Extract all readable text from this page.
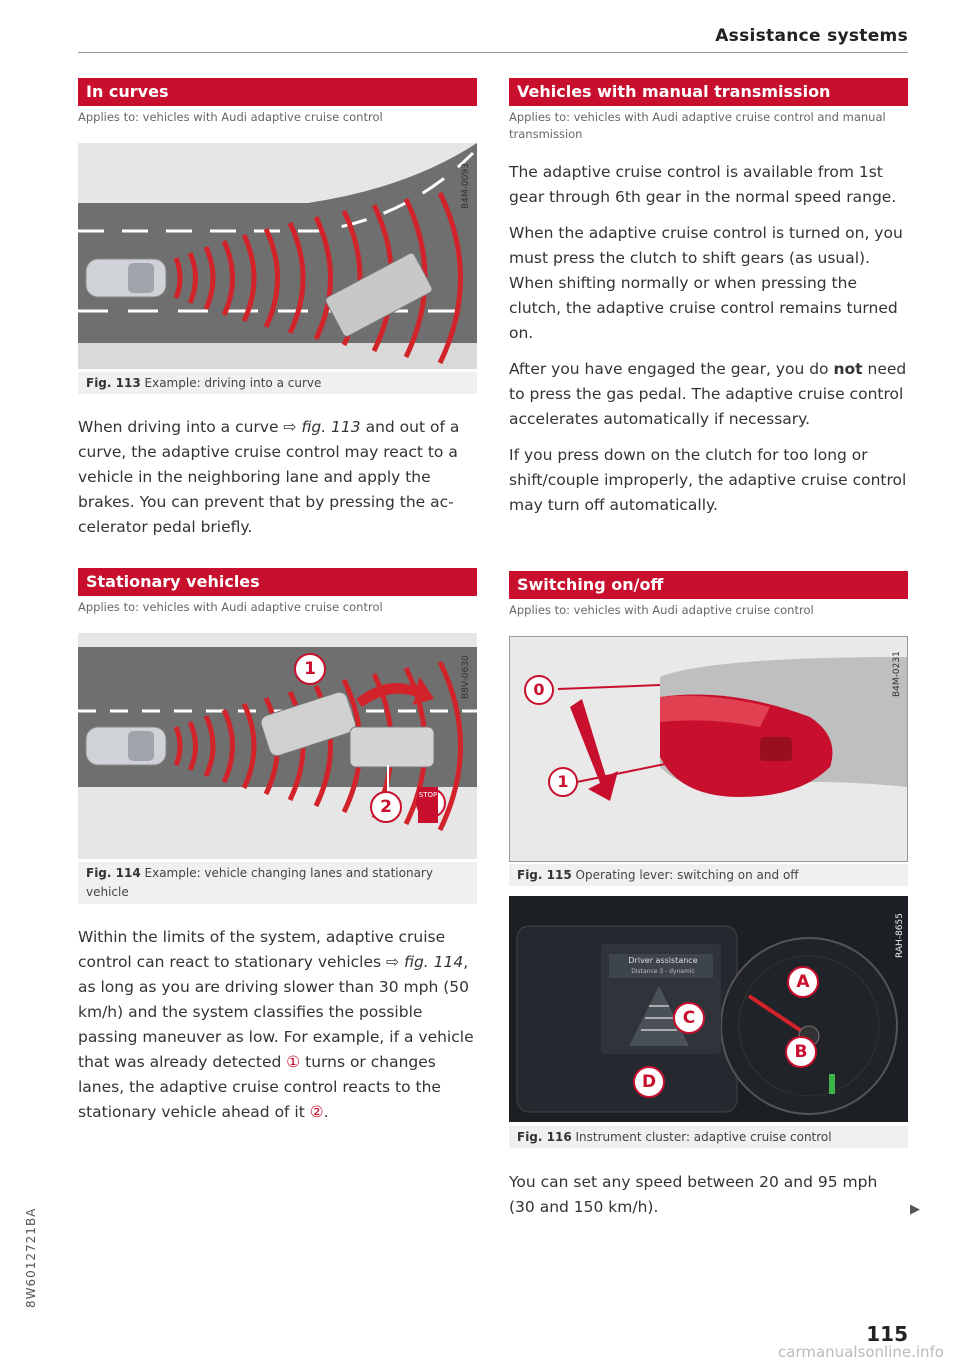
Assistance systems
In curves
Applies to: vehicles with Audi adaptive cruise control
B4M-0093
Fig. 113 Example: driving into a curve

When driving into a curve ⇨ fig. 113 and out of a curve, the adaptive cruise control may react to a vehicle in the neighboring lane and apply the brakes. You can prevent that by pressing the accelerator pedal briefly.

Stationary vehicles
Applies to: vehicles with Audi adaptive cruise control
1
2
STOP
B8V-0630
Fig. 114 Example: vehicle changing lanes and stationary vehicle

Within the limits of the system, adaptive cruise control can react to stationary vehicles ⇨ fig. 114, as long as you are driving slower than 30 mph (50 km/h) and the system classifies the possible passing maneuver as low. For example, if a vehicle that was already detected ① turns or changes lanes, the adaptive cruise control reacts to the stationary vehicle ahead of it ②.

Vehicles with manual transmission
Applies to: vehicles with Audi adaptive cruise control and manual transmission

The adaptive cruise control is available from 1st gear through 6th gear in the normal speed range.

When the adaptive cruise control is turned on, you must press the clutch to shift gears (as usual). When shifting normally or when pressing the clutch, the adaptive cruise control remains turned on.

After you have engaged the gear, you do not need to press the gas pedal. The adaptive cruise control accelerates automatically if necessary.

If you press down on the clutch for too long or shift/couple improperly, the adaptive cruise control may turn off automatically.

Switching on/off
Applies to: vehicles with Audi adaptive cruise control
0
1
B4M-0231
Fig. 115 Operating lever: switching on and off
Driver assistance
Distance 3 - dynamic
A
B
C
D
RAH-8655
Fig. 116 Instrument cluster: adaptive cruise control

You can set any speed between 20 and 95 mph (30 and 150 km/h).	▶
8W6012721BA
115
carmanualsonline.info
